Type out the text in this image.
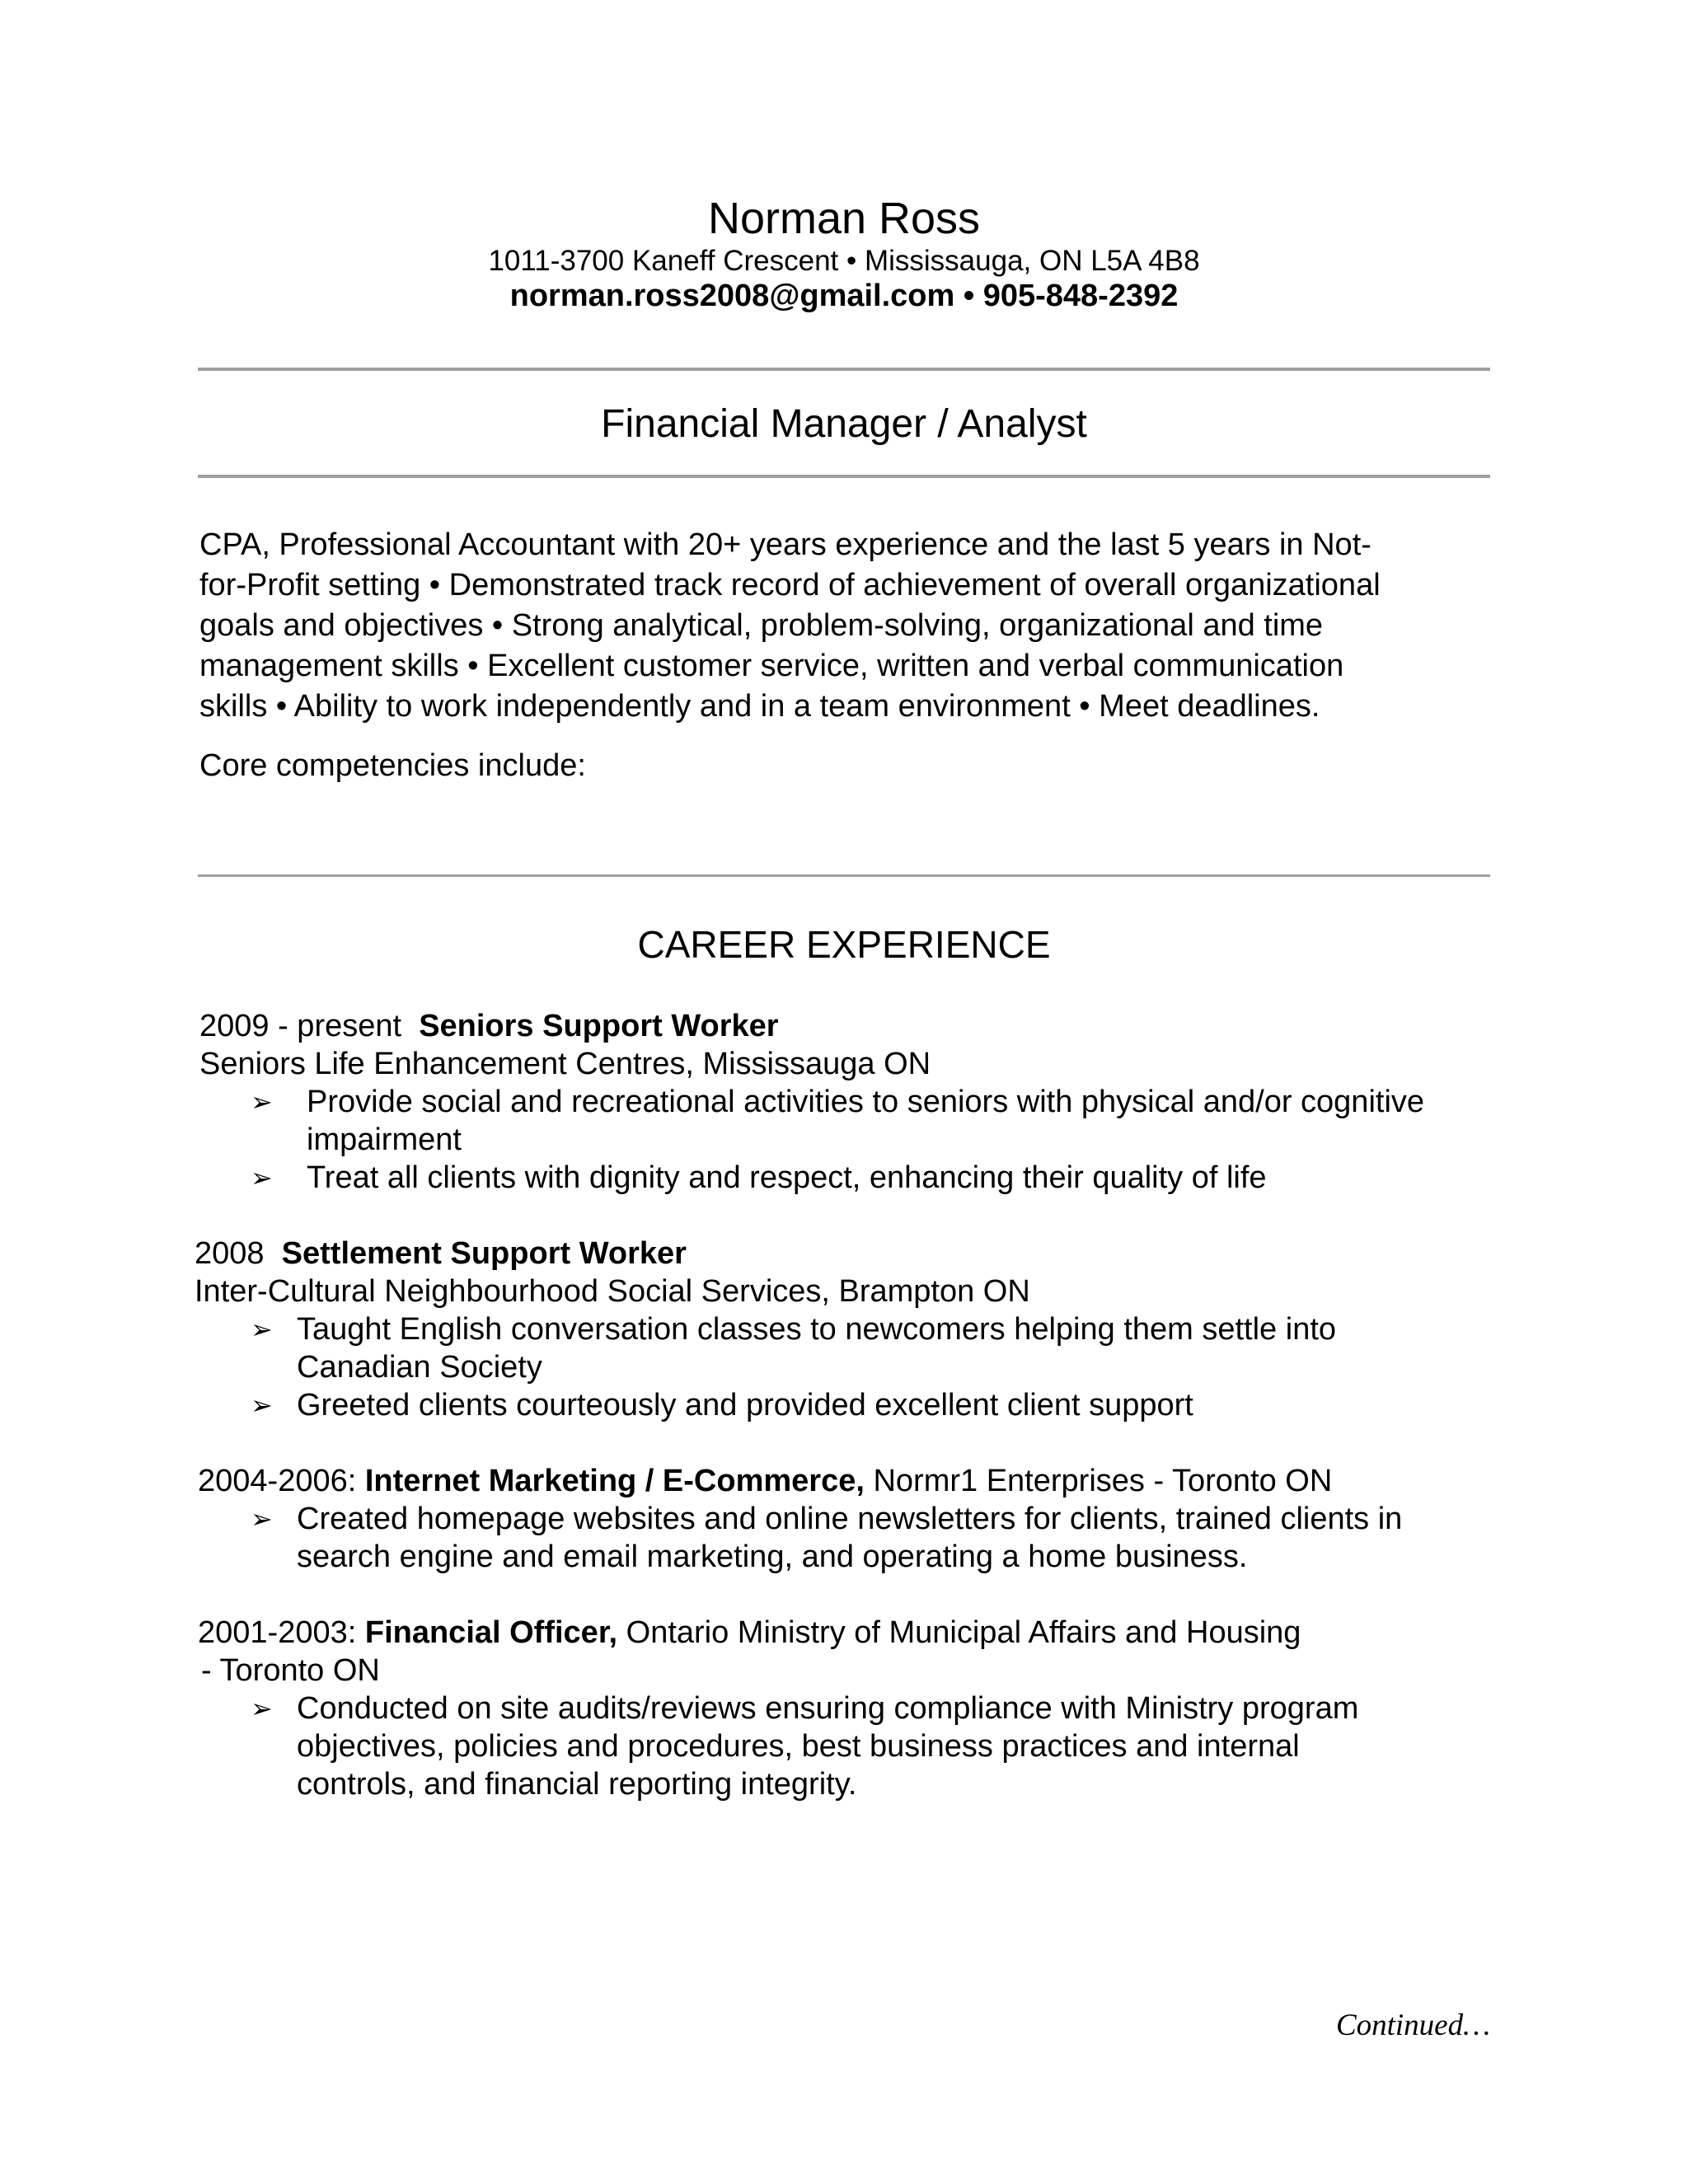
Norman Ross
1011-3700 Kaneff Crescent • Mississauga, ON L5A 4B8
norman.ross2008@gmail.com • 905-848-2392
Financial Manager / Analyst
CPA, Professional Accountant with 20+ years experience and the last 5 years in Not-
for-Profit setting • Demonstrated track record of achievement of overall organizational
goals and objectives • Strong analytical, problem-solving, organizational and time
management skills • Excellent customer service, written and verbal communication
skills • Ability to work independently and in a team environment • Meet deadlines.
Core competencies include:
CAREER EXPERIENCE
2009 - present Seniors Support Worker
Seniors Life Enhancement Centres, Mississauga ON
➢	Provide social and recreational activities to seniors with physical and/or cognitive
impairment
➢	Treat all clients with dignity and respect, enhancing their quality of life
2008 Settlement Support Worker
Inter-Cultural Neighbourhood Social Services, Brampton ON
➢ Taught English conversation classes to newcomers helping them settle into
Canadian Society
➢ Greeted clients courteously and provided excellent client support
2004-2006: Internet Marketing / E-Commerce, Normr1 Enterprises - Toronto ON
➢ Created homepage websites and online newsletters for clients, trained clients in
search engine and email marketing, and operating a home business.
2001-2003: Financial Officer, Ontario Ministry of Municipal Affairs and Housing
- Toronto ON
➢ Conducted on site audits/reviews ensuring compliance with Ministry program
objectives, policies and procedures, best business practices and internal
controls, and financial reporting integrity.
Continued…
